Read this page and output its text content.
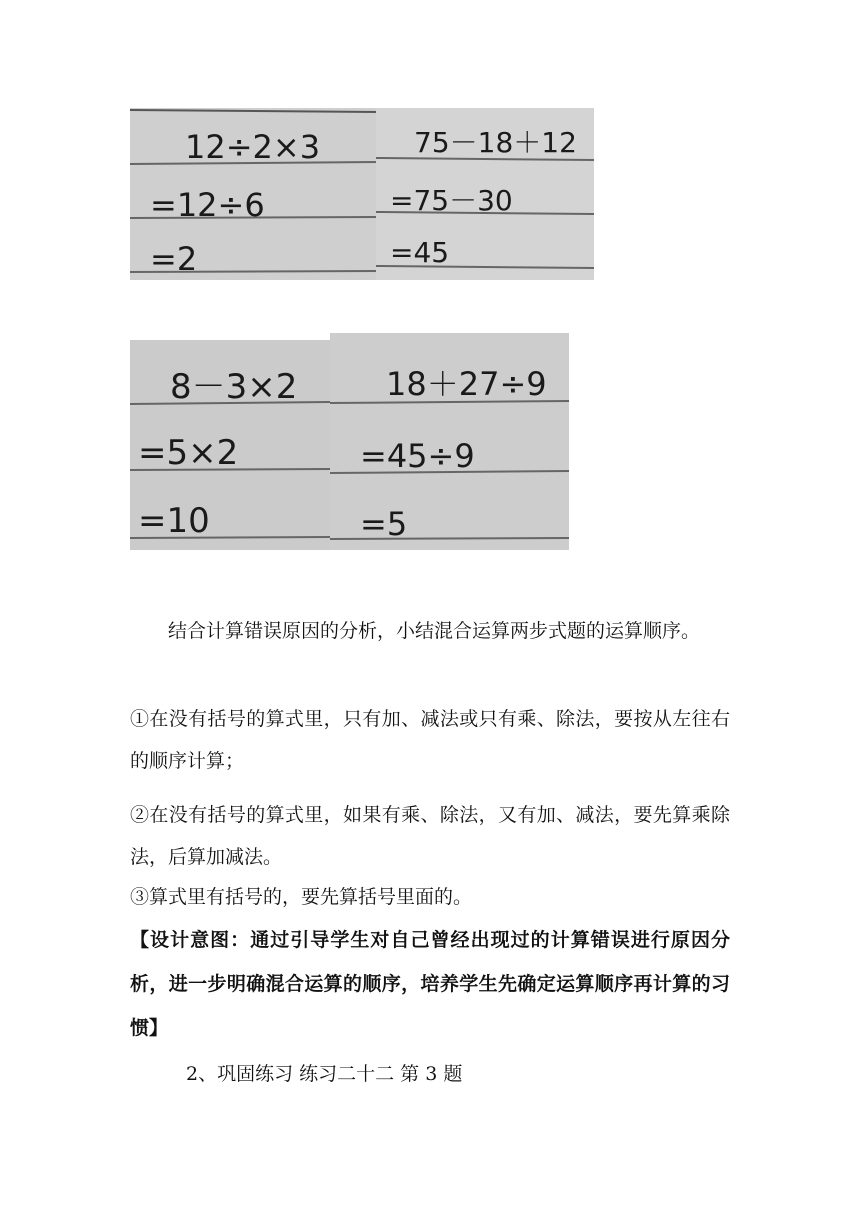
12÷2×3
=12÷6
=2
75－18＋12
=75－30
=45
8－3×2
=5×2
=10
18＋27÷9
=45÷9
=5

结合计算错误原因的分析，小结混合运算两步式题的运算顺序。

①在没有括号的算式里，只有加、减法或只有乘、除法，要按从左往右的顺序计算；

②在没有括号的算式里，如果有乘、除法，又有加、减法，要先算乘除法，后算加减法。

③算式里有括号的，要先算括号里面的。

【设计意图：通过引导学生对自己曾经出现过的计算错误进行原因分析，进一步明确混合运算的顺序，培养学生先确定运算顺序再计算的习惯】

2、巩固练习 练习二十二 第 3 题
